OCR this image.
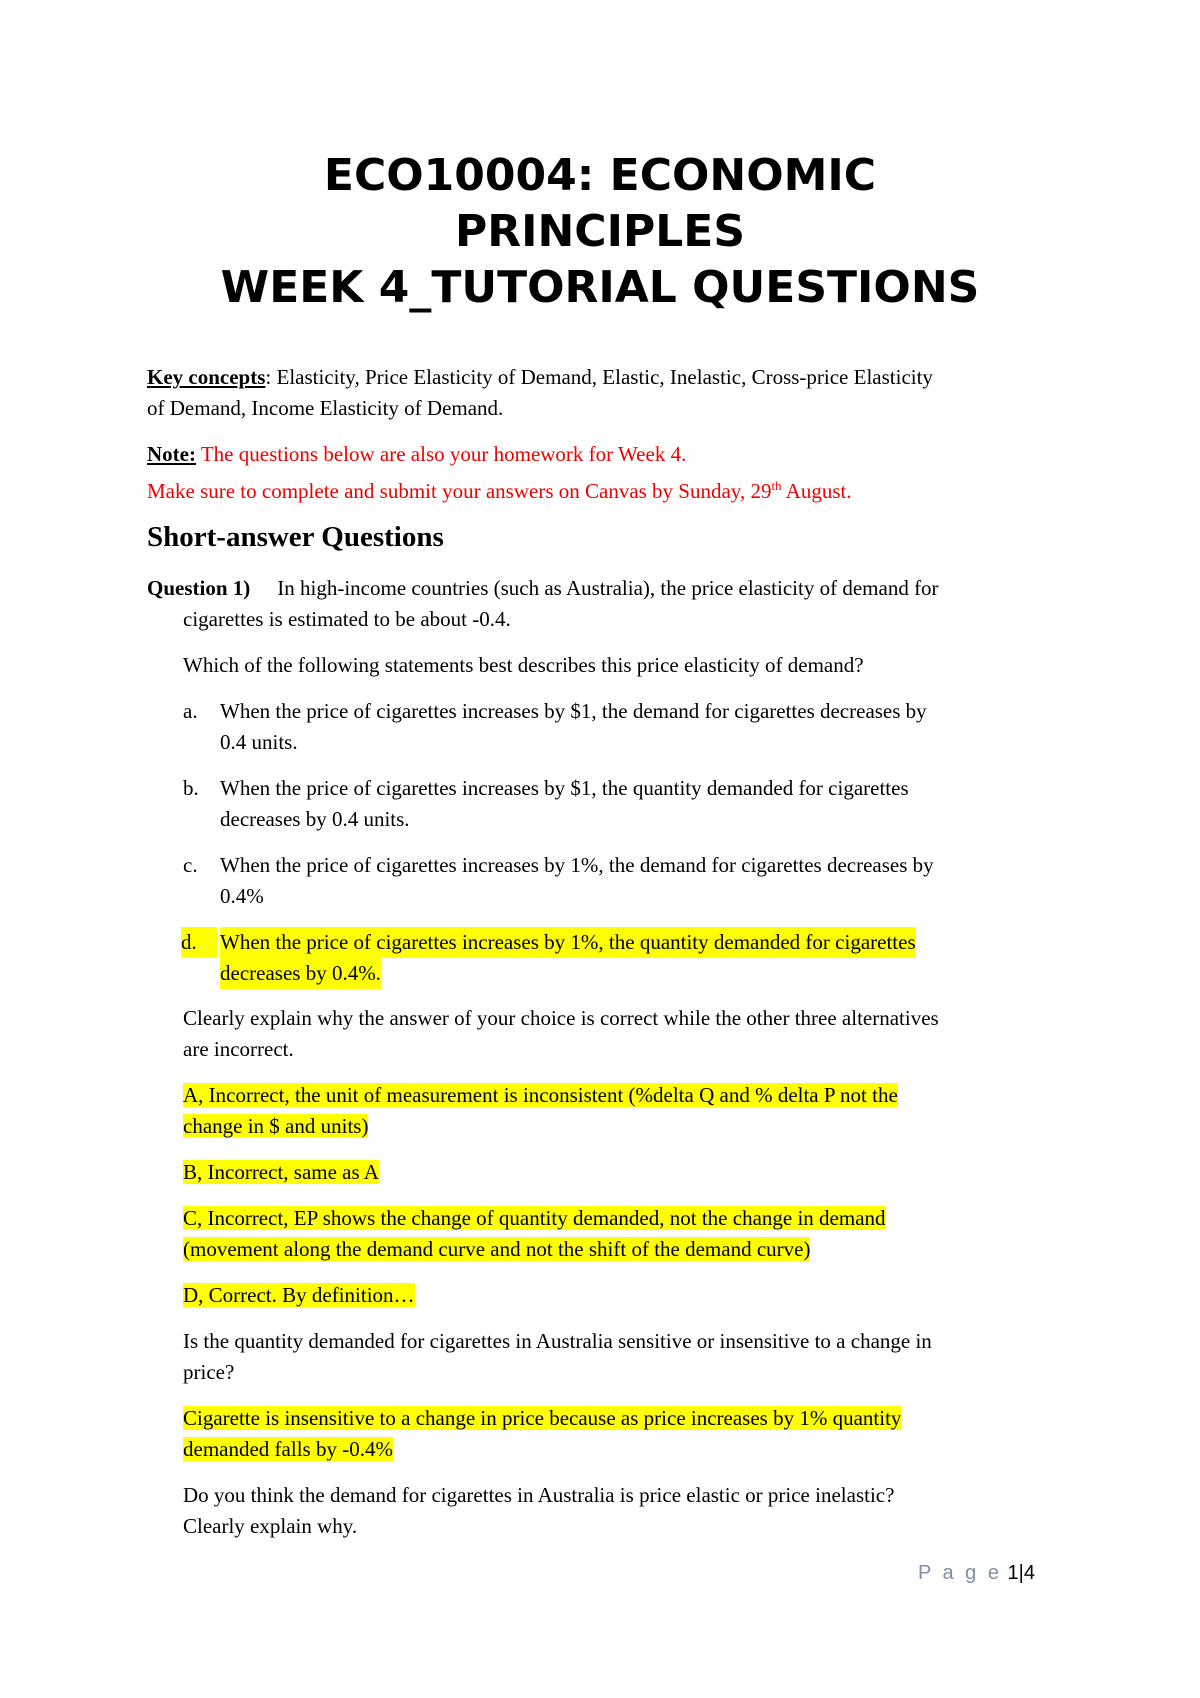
ECO10004: ECONOMIC
PRINCIPLES
WEEK 4_TUTORIAL QUESTIONS
Key concepts: Elasticity, Price Elasticity of Demand, Elastic, Inelastic, Cross-price Elasticity
of Demand, Income Elasticity of Demand.
Note: The questions below are also your homework for Week 4.
Make sure to complete and submit your answers on Canvas by Sunday, 29th August.
Short-answer Questions
Question 1) In high-income countries (such as Australia), the price elasticity of demand for
cigarettes is estimated to be about -0.4.
Which of the following statements best describes this price elasticity of demand?
a. When the price of cigarettes increases by $1, the demand for cigarettes decreases by
0.4 units.
b. When the price of cigarettes increases by $1, the quantity demanded for cigarettes
decreases by 0.4 units.
c. When the price of cigarettes increases by 1%, the demand for cigarettes decreases by
0.4%
d.	When the price of cigarettes increases by 1%, the quantity demanded for cigarettes
decreases by 0.4%.
Clearly explain why the answer of your choice is correct while the other three alternatives
are incorrect.
A, Incorrect, the unit of measurement is inconsistent (%delta Q and % delta P not the
change in $ and units)
B, Incorrect, same as A
C, Incorrect, EP shows the change of quantity demanded, not the change in demand
(movement along the demand curve and not the shift of the demand curve)
D, Correct. By definition…
Is the quantity demanded for cigarettes in Australia sensitive or insensitive to a change in
price?
Cigarette is insensitive to a change in price because as price increases by 1% quantity
demanded falls by -0.4%
Do you think the demand for cigarettes in Australia is price elastic or price inelastic?
Clearly explain why.
P a g e 1|4
